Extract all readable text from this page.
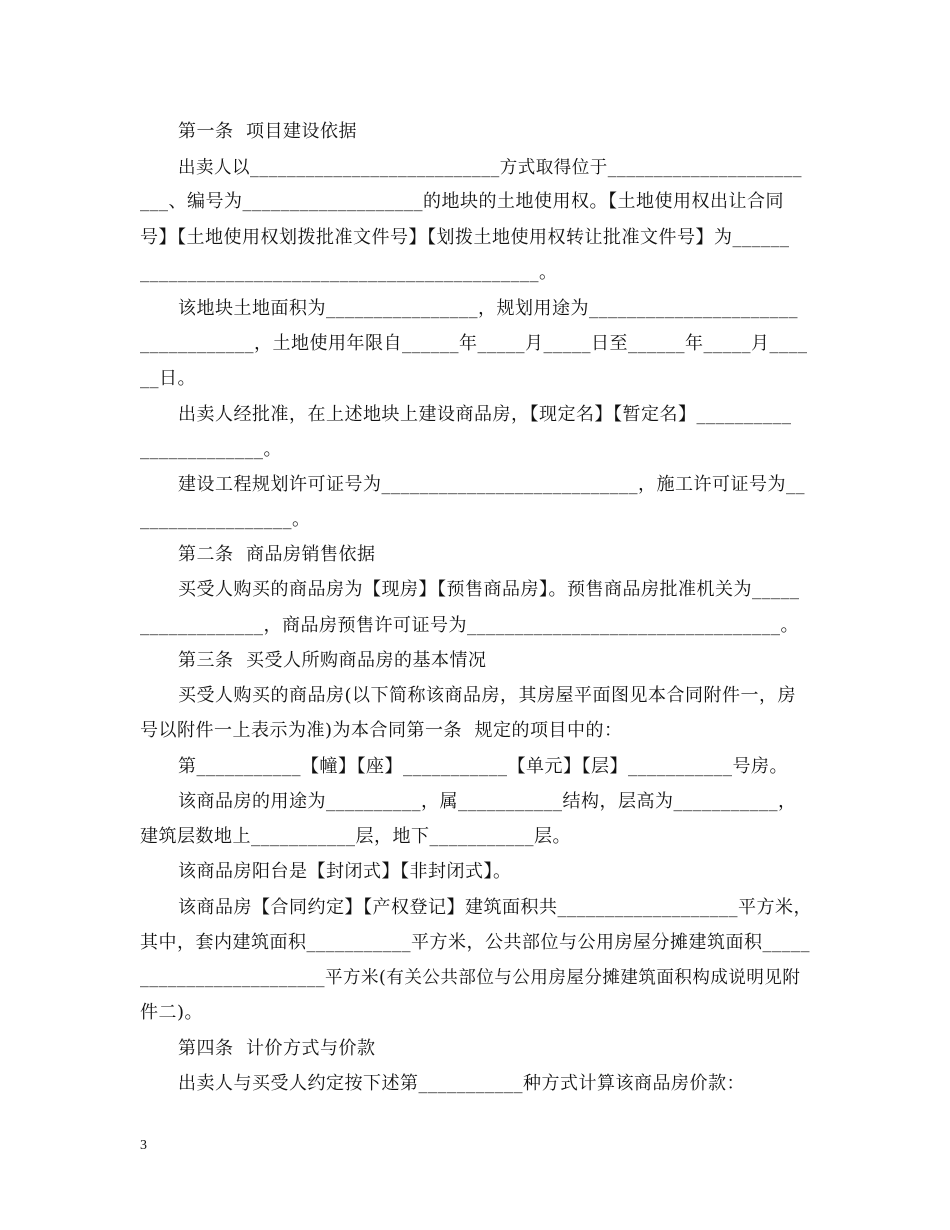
第一条  项目建设依据
出卖人以___________________________方式取得位于_____________________
___、编号为___________________的地块的土地使用权。【土地使用权出让合同
号】【土地使用权划拨批准文件号】【划拨土地使用权转让批准文件号】为______
__________________________________________。
该地块土地面积为________________，规划用途为______________________
____________，土地使用年限自______年_____月_____日至______年_____月____
__日。
出卖人经批准，在上述地块上建设商品房，【现定名】【暂定名】__________
_____________。
建设工程规划许可证号为___________________________，施工许可证号为__
________________。
第二条  商品房销售依据
买受人购买的商品房为【现房】【预售商品房】。预售商品房批准机关为_____
_____________，商品房预售许可证号为_________________________________。
第三条  买受人所购商品房的基本情况
买受人购买的商品房(以下简称该商品房，其房屋平面图见本合同附件一，房
号以附件一上表示为准)为本合同第一条  规定的项目中的：
第___________【幢】【座】___________【单元】【层】___________号房。
该商品房的用途为__________，属___________结构，层高为___________，
建筑层数地上___________层，地下___________层。
该商品房阳台是【封闭式】【非封闭式】。
该商品房【合同约定】【产权登记】建筑面积共___________________平方米，
其中，套内建筑面积___________平方米，公共部位与公用房屋分摊建筑面积_____
____________________平方米(有关公共部位与公用房屋分摊建筑面积构成说明见附
件二)。
第四条  计价方式与价款
出卖人与买受人约定按下述第___________种方式计算该商品房价款：
3
